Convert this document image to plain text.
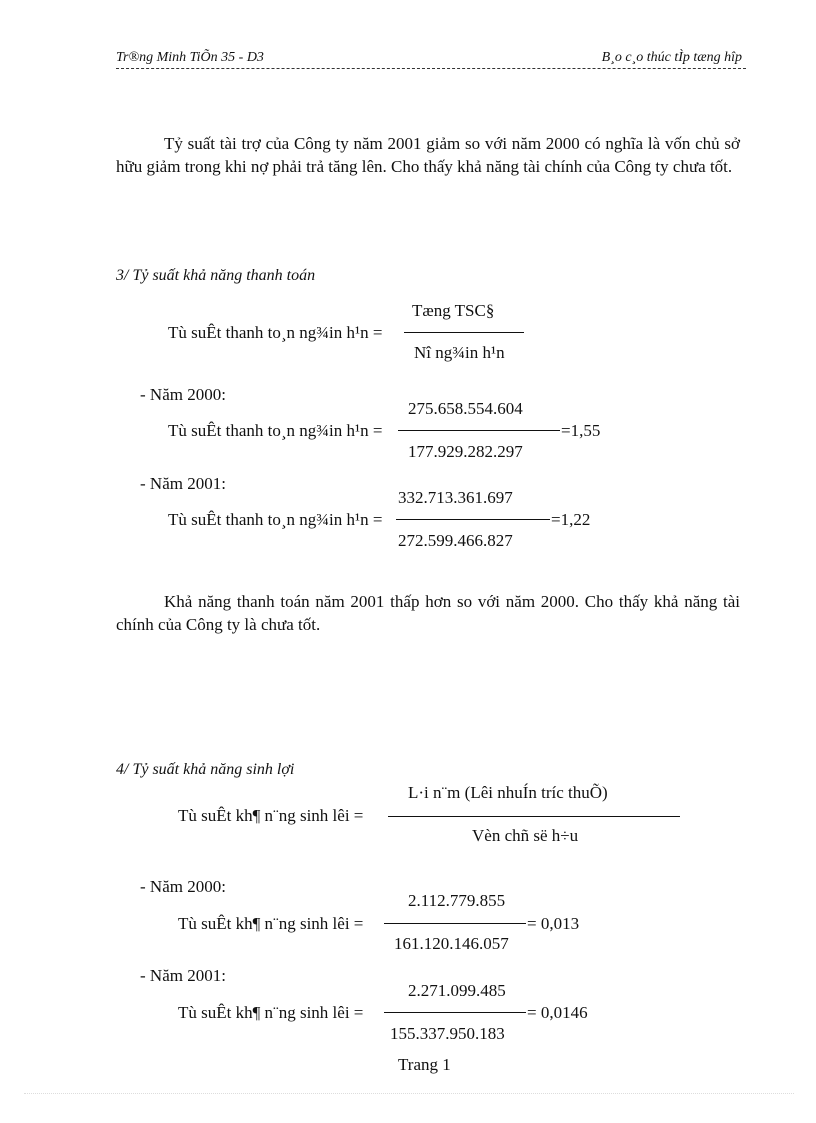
Tr®ng Minh TiÕn 35 - D3	B¸o c¸o thúc tÌp tæng hîp
Tỷ suất tài trợ của Công ty năm 2001 giảm so với năm 2000 có nghĩa là vốn chủ sở hữu giảm trong khi nợ phải trả tăng lên. Cho thấy khả năng tài chính của Công ty chưa tốt.
3/ Tỷ suất khả năng thanh toán
Tæng TSC§
Tù suÊt thanh to¸n ng¾in h¹n =
Nî ng¾in h¹n
- Năm 2000:
275.658.554.604
Tù suÊt thanh to¸n ng¾in h¹n =	=1,55
177.929.282.297
- Năm 2001:
332.713.361.697
Tù suÊt thanh to¸n ng¾in h¹n =	=1,22
272.599.466.827
Khả năng thanh toán năm 2001 thấp hơn so với năm 2000. Cho thấy khả năng tài chính của Công ty là chưa tốt.
4/ Tỷ suất khả năng sinh lợi
L·i n¨m (Lêi nhuÍn tríc thuÕ)
Tù suÊt kh¶ n¨ng sinh lêi =
Vèn chñ së h÷u
- Năm 2000:
2.112.779.855
Tù suÊt kh¶ n¨ng sinh lêi =	= 0,013
161.120.146.057
- Năm 2001:
2.271.099.485
Tù suÊt kh¶ n¨ng sinh lêi =	= 0,0146
155.337.950.183
Trang 1
